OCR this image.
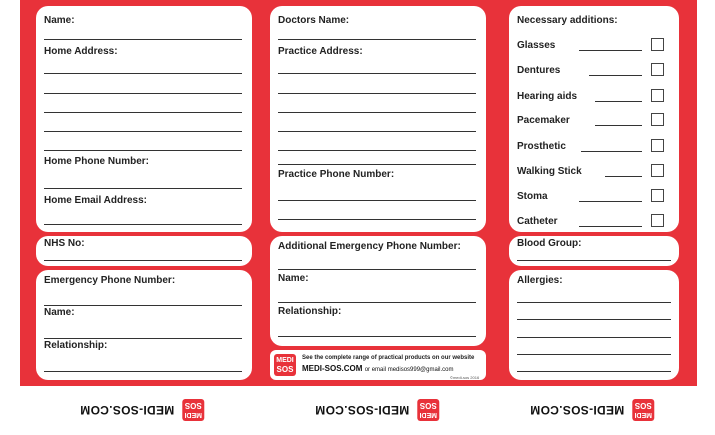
Name:
Home Address:
Home Phone Number:
Home Email Address:
NHS No:
Emergency Phone Number:
Name:
Relationship:
Doctors Name:
Practice Address:
Practice Phone Number:
Additional Emergency Phone Number:
Name:
Relationship:
MEDI
SOS
See the complete range of practical products on our website
MEDI-SOS.COM or email medisos999@gmail.com
©medi-sos 2016
Necessary additions:
Glasses
Dentures
Hearing aids
Pacemaker
Prosthetic
Walking Stick
Stoma
Catheter
Blood Group:
Allergies:
MEDI
SOS
MEDI-SOS.COM	MEDI
SOS
MEDI-SOS.COM	MEDI
SOS
MEDI-SOS.COM
